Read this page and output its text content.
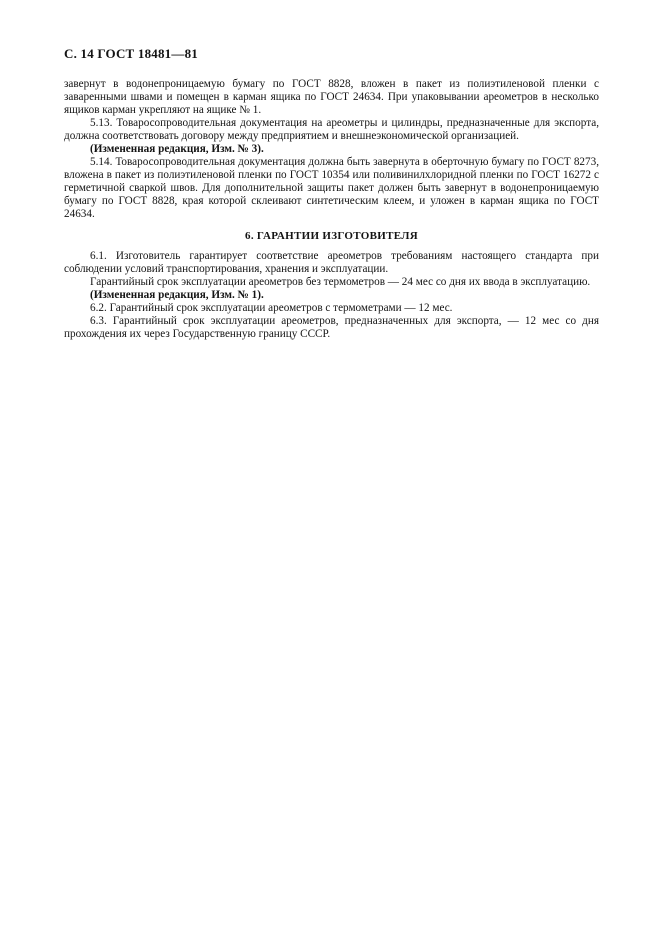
С. 14 ГОСТ 18481—81

завернут в водонепроницаемую бумагу по ГОСТ 8828, вложен в пакет из полиэтиленовой пленки с заваренными швами и помещен в карман ящика по ГОСТ 24634. При упаковывании ареометров в несколько ящиков карман укрепляют на ящике № 1.

5.13. Товаросопроводительная документация на ареометры и цилиндры, предназначенные для экспорта, должна соответствовать договору между предприятием и внешнеэкономической организацией.

(Измененная редакция, Изм. № 3).

5.14. Товаросопроводительная документация должна быть завернута в оберточную бумагу по ГОСТ 8273, вложена в пакет из полиэтиленовой пленки по ГОСТ 10354 или поливинилхлоридной пленки по ГОСТ 16272 с герметичной сваркой швов. Для дополнительной защиты пакет должен быть завернут в водонепроницаемую бумагу по ГОСТ 8828, края которой склеивают синтетическим клеем, и уложен в карман ящика по ГОСТ 24634.

6. ГАРАНТИИ ИЗГОТОВИТЕЛЯ

6.1. Изготовитель гарантирует соответствие ареометров требованиям настоящего стандарта при соблюдении условий транспортирования, хранения и эксплуатации.

Гарантийный срок эксплуатации ареометров без термометров — 24 мес со дня их ввода в эксплуатацию.

(Измененная редакция, Изм. № 1).

6.2. Гарантийный срок эксплуатации ареометров с термометрами — 12 мес.

6.3. Гарантийный срок эксплуатации ареометров, предназначенных для экспорта, — 12 мес со дня прохождения их через Государственную границу СССР.
